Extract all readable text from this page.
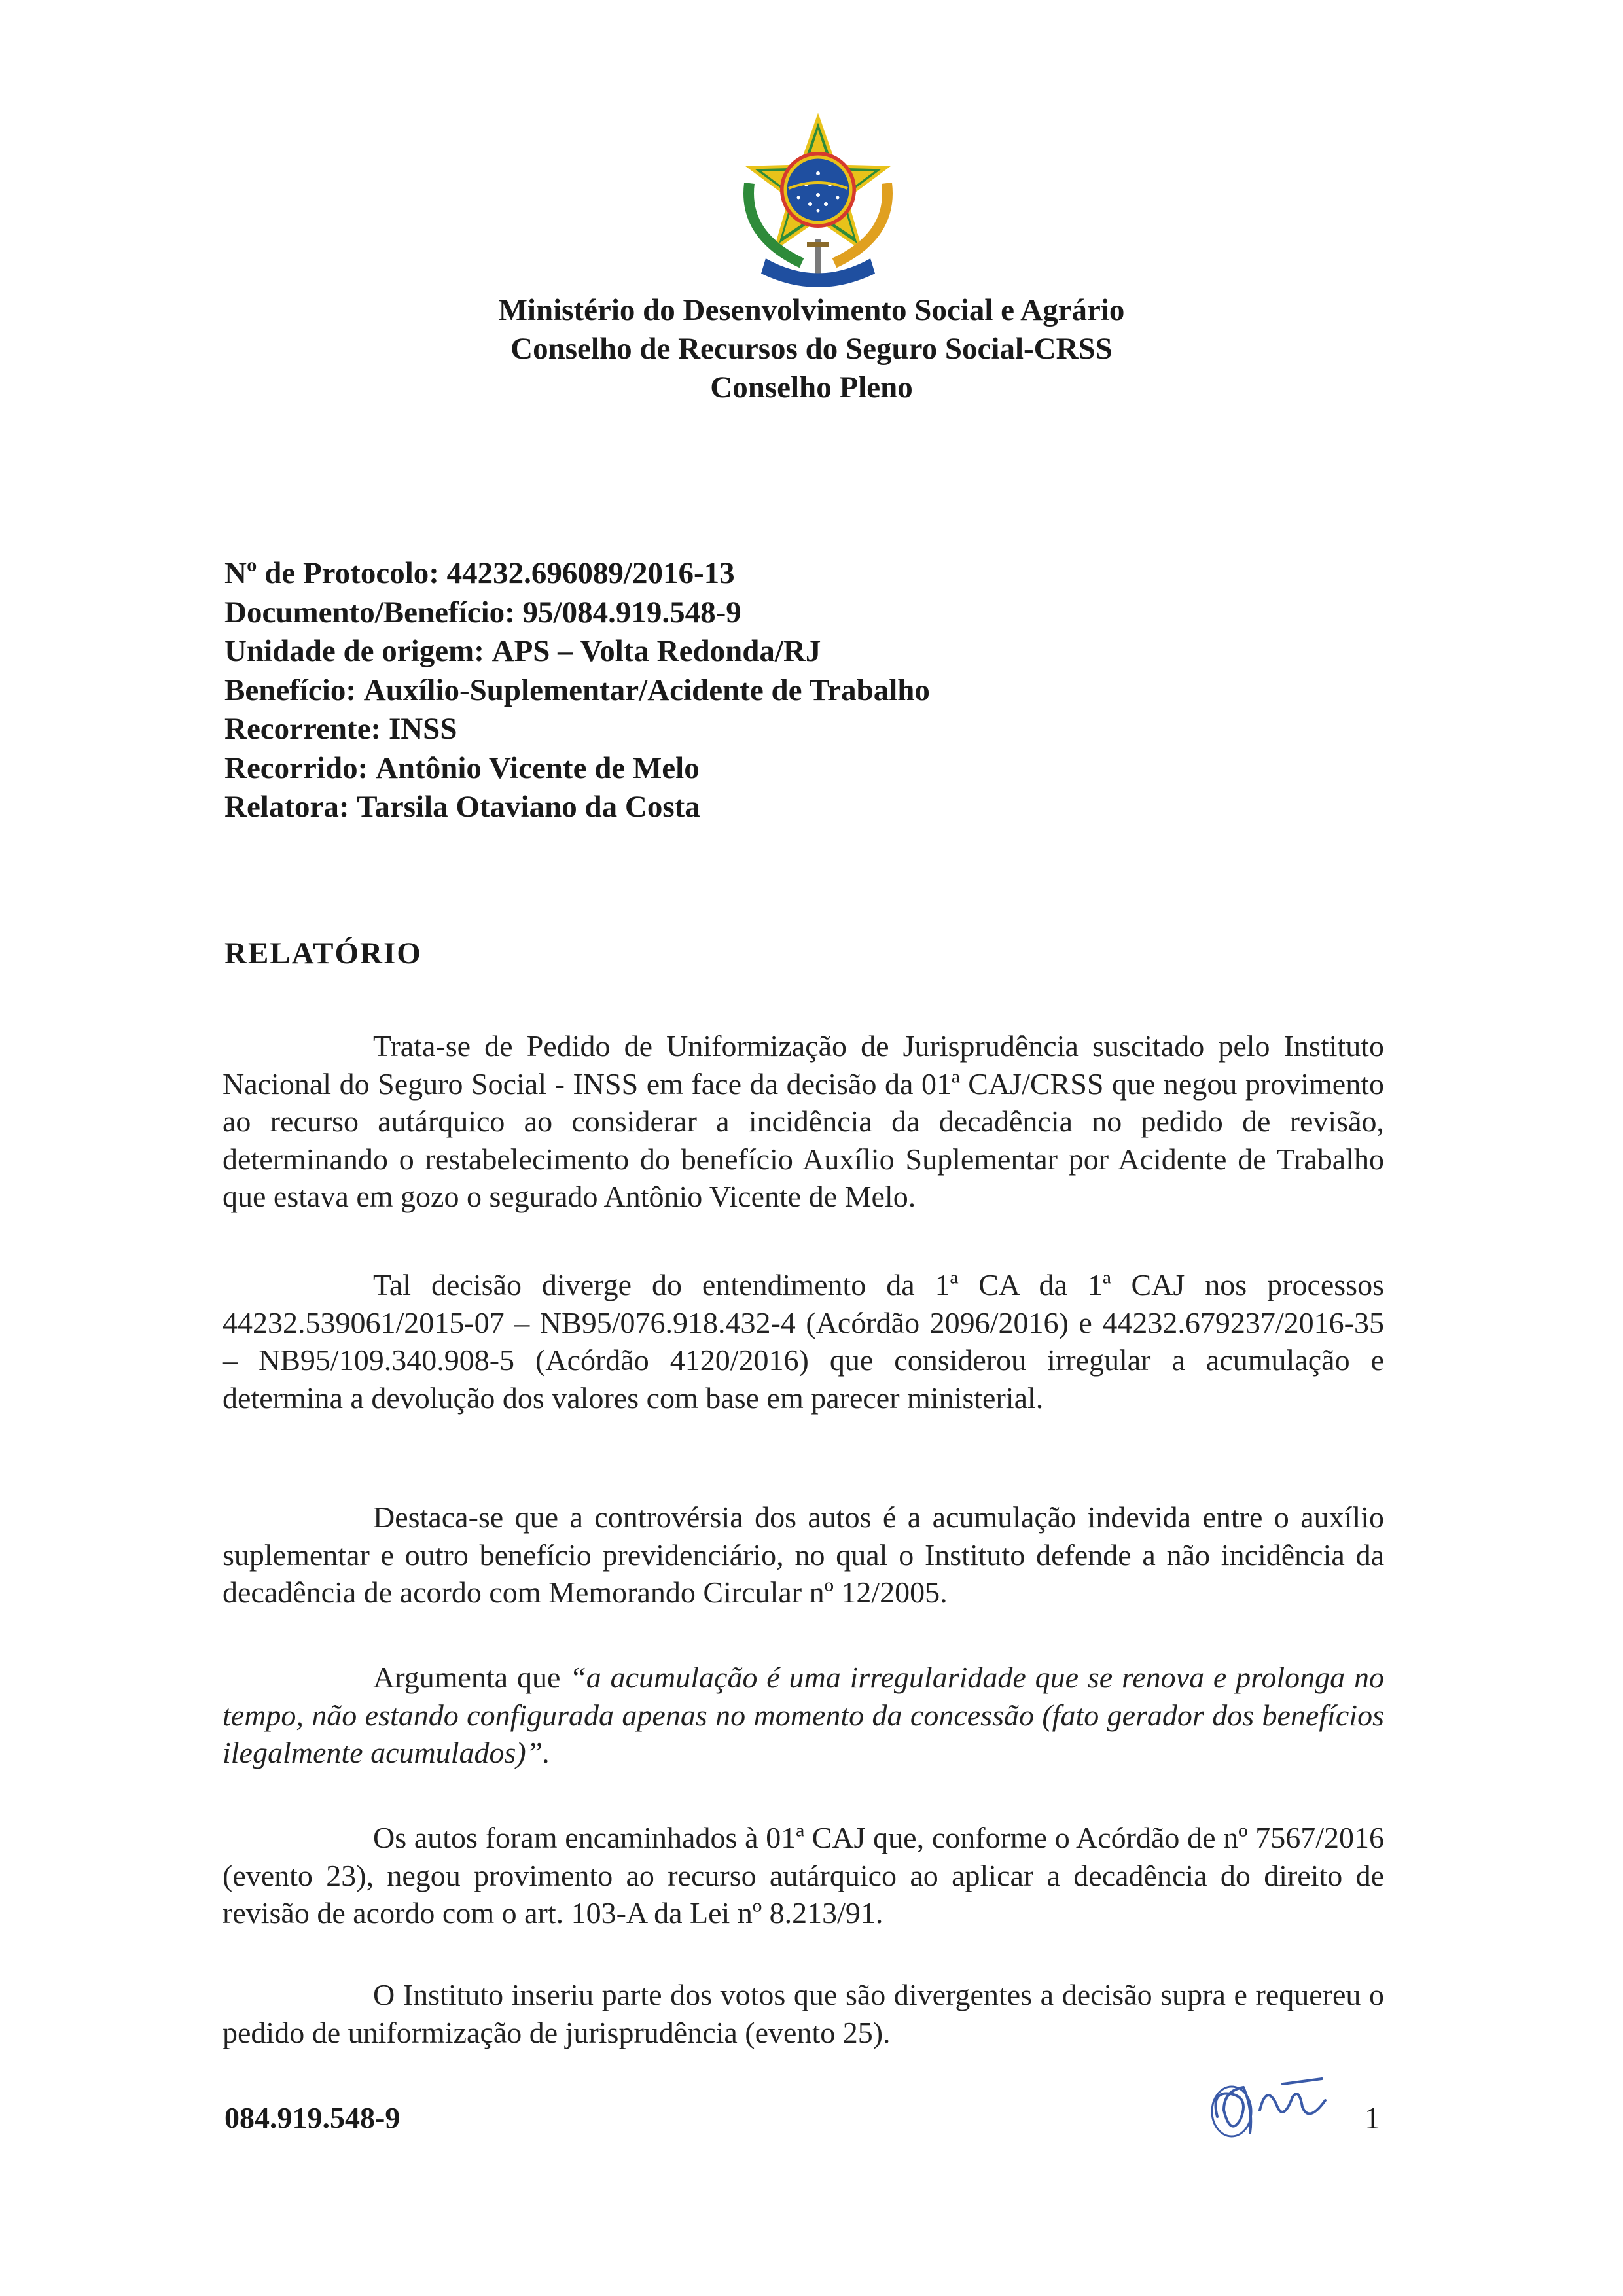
Ministério do Desenvolvimento Social e Agrário
Conselho de Recursos do Seguro Social-CRSS
Conselho Pleno
Nº de Protocolo: 44232.696089/2016-13
Documento/Benefício: 95/084.919.548-9
Unidade de origem: APS – Volta Redonda/RJ
Benefício: Auxílio-Suplementar/Acidente de Trabalho
Recorrente: INSS
Recorrido: Antônio Vicente de Melo
Relatora: Tarsila Otaviano da Costa
RELATÓRIO

Trata-se de Pedido de Uniformização de Jurisprudência suscitado pelo Instituto Nacional do Seguro Social - INSS em face da decisão da 01ª CAJ/CRSS que negou provimento ao recurso autárquico ao considerar a incidência da decadência no pedido de revisão, determinando o restabelecimento do benefício Auxílio Suplementar por Acidente de Trabalho que estava em gozo o segurado Antônio Vicente de Melo.

Tal decisão diverge do entendimento da 1ª CA da 1ª CAJ nos processos 44232.539061/2015-07 – NB95/076.918.432-4 (Acórdão 2096/2016) e 44232.679237/2016-35 – NB95/109.340.908-5 (Acórdão 4120/2016) que considerou irregular a acumulação e determina a devolução dos valores com base em parecer ministerial.

Destaca-se que a controvérsia dos autos é a acumulação indevida entre o auxílio suplementar e outro benefício previdenciário, no qual o Instituto defende a não incidência da decadência de acordo com Memorando Circular nº 12/2005.

Argumenta que “a acumulação é uma irregularidade que se renova e prolonga no tempo, não estando configurada apenas no momento da concessão (fato gerador dos benefícios ilegalmente acumulados)”.

Os autos foram encaminhados à 01ª CAJ que, conforme o Acórdão de nº 7567/2016 (evento 23), negou provimento ao recurso autárquico ao aplicar a decadência do direito de revisão de acordo com o art. 103-A da Lei nº 8.213/91.

O Instituto inseriu parte dos votos que são divergentes a decisão supra e requereu o pedido de uniformização de jurisprudência (evento 25).

084.919.548-9	1
